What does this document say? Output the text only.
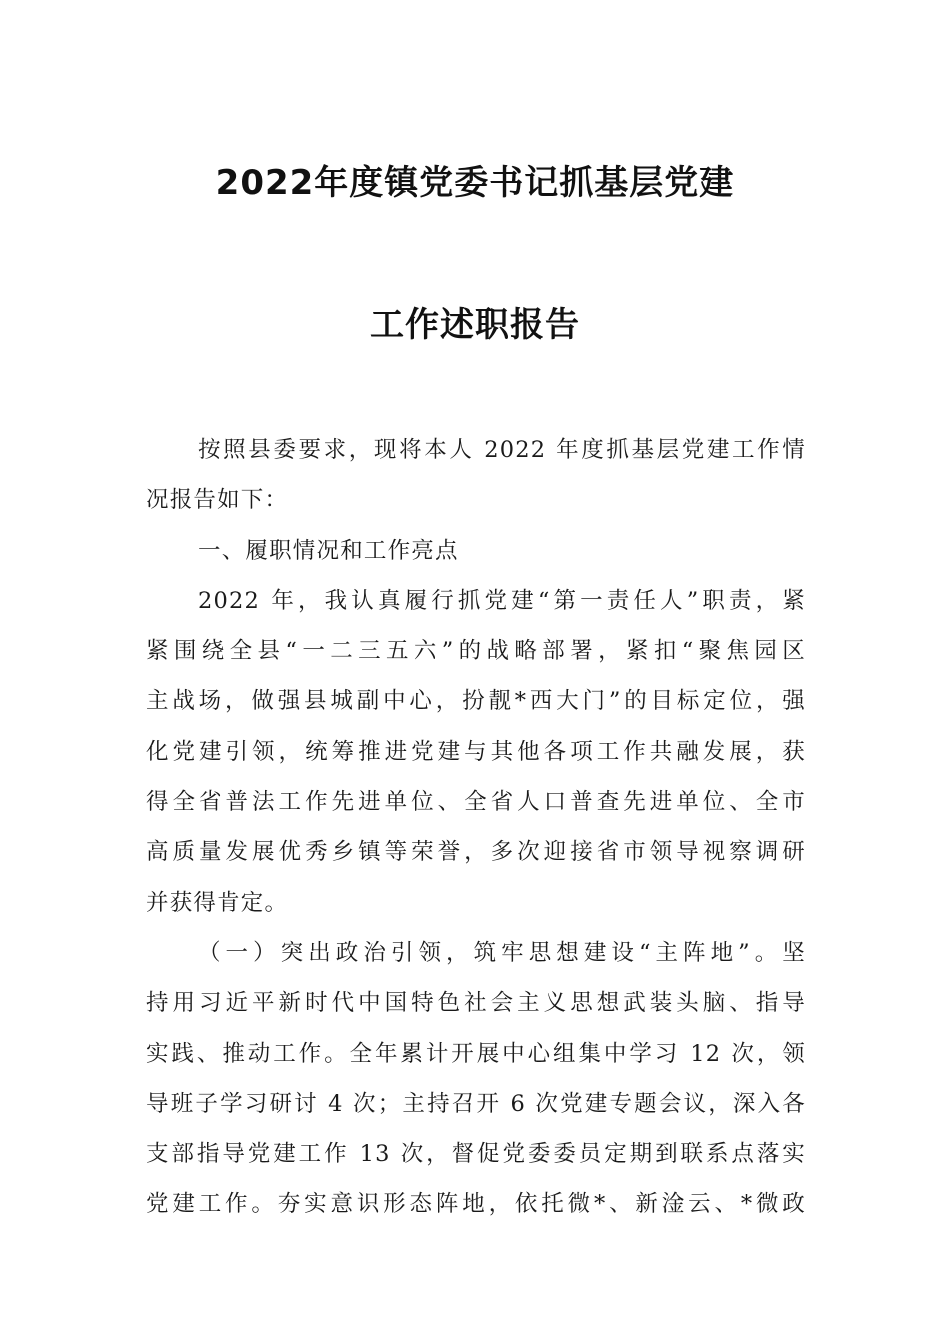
2022年度镇党委书记抓基层党建
工作述职报告
按照县委要求，现将本人 2022 年度抓基层党建工作情
况报告如下：
一、履职情况和工作亮点
2022 年，我认真履行抓党建“第一责任人”职责，紧
紧围绕全县“一二三五六”的战略部署，紧扣“聚焦园区
主战场，做强县城副中心，扮靓*西大门”的目标定位，强
化党建引领，统筹推进党建与其他各项工作共融发展，获
得全省普法工作先进单位、全省人口普查先进单位、全市
高质量发展优秀乡镇等荣誉，多次迎接省市领导视察调研
并获得肯定。
（一）突出政治引领，筑牢思想建设“主阵地”。坚
持用习近平新时代中国特色社会主义思想武装头脑、指导
实践、推动工作。全年累计开展中心组集中学习 12 次，领
导班子学习研讨 4 次；主持召开 6 次党建专题会议，深入各
支部指导党建工作 13 次，督促党委委员定期到联系点落实
党建工作。夯实意识形态阵地，依托微*、新淦云、*微政
